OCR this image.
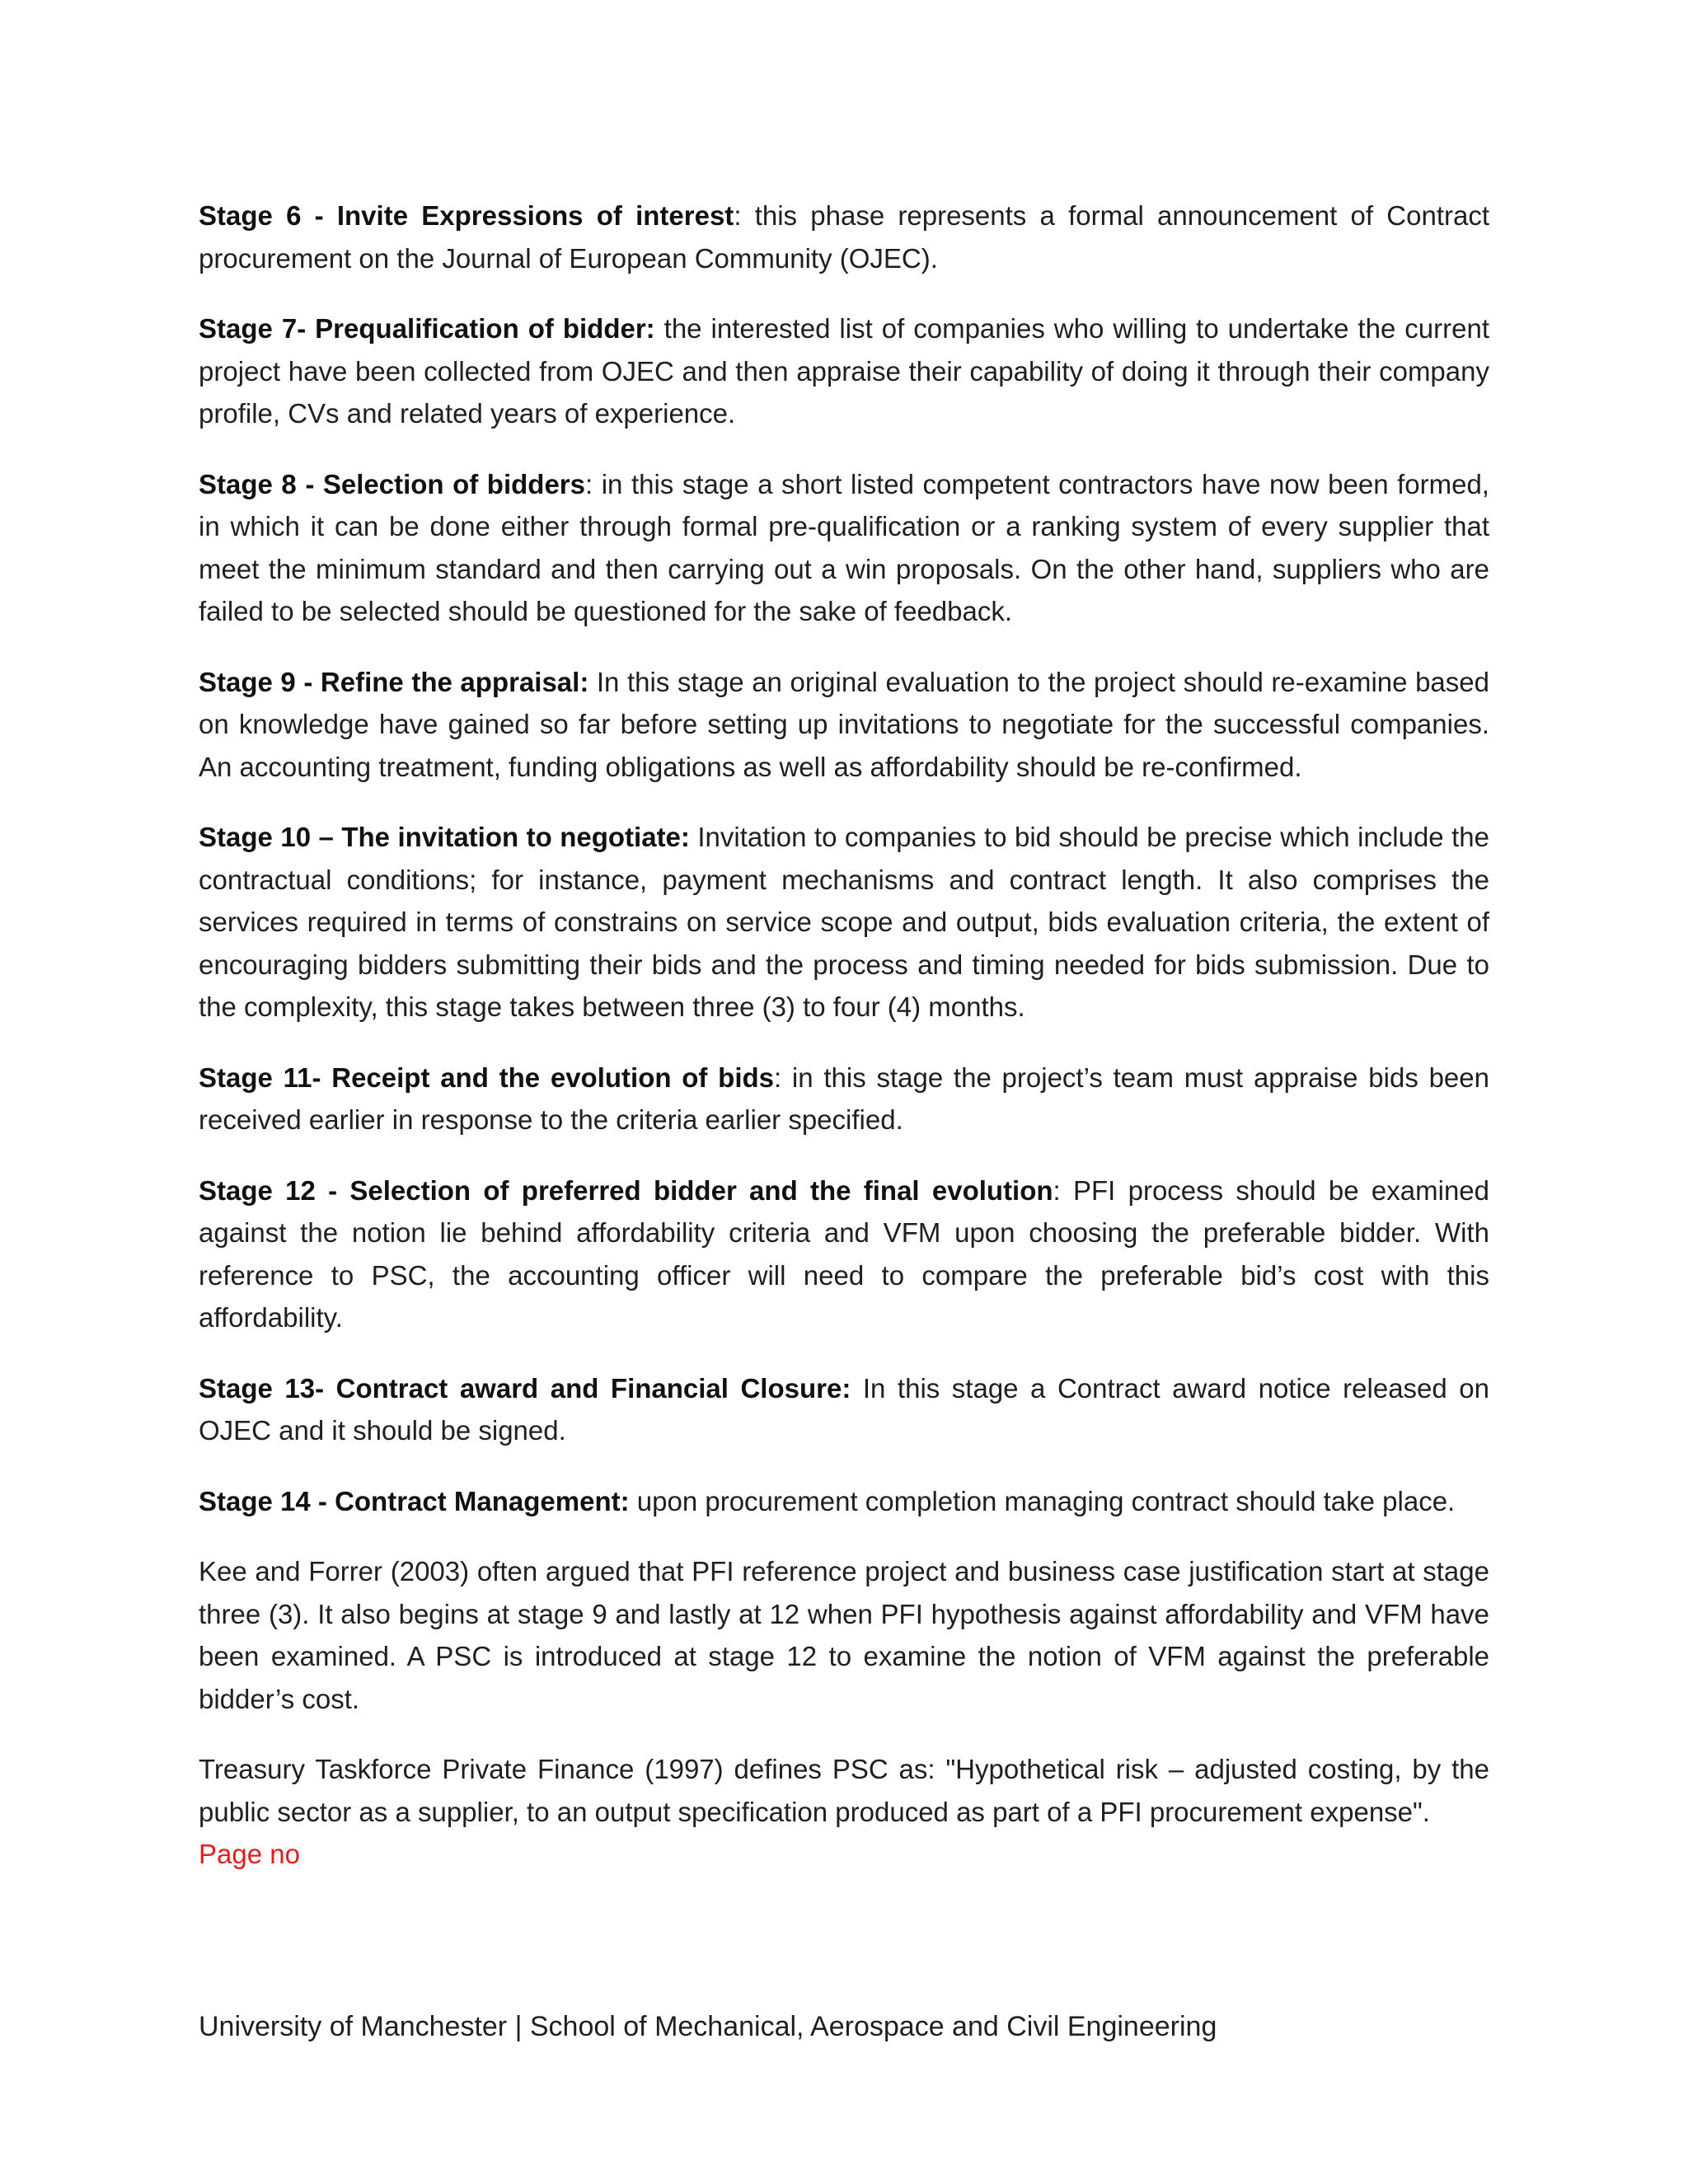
Stage 6 - Invite Expressions of interest: this phase represents a formal announcement of Contract procurement on the Journal of European Community (OJEC).

Stage 7- Prequalification of bidder: the interested list of companies who willing to undertake the current project have been collected from OJEC and then appraise their capability of doing it through their company profile, CVs and related years of experience.

Stage 8 - Selection of bidders: in this stage a short listed competent contractors have now been formed, in which it can be done either through formal pre-qualification or a ranking system of every supplier that meet the minimum standard and then carrying out a win proposals. On the other hand, suppliers who are failed to be selected should be questioned for the sake of feedback.

Stage 9 - Refine the appraisal: In this stage an original evaluation to the project should re-examine based on knowledge have gained so far before setting up invitations to negotiate for the successful companies. An accounting treatment, funding obligations as well as affordability should be re-confirmed.

Stage 10 – The invitation to negotiate: Invitation to companies to bid should be precise which include the contractual conditions; for instance, payment mechanisms and contract length. It also comprises the services required in terms of constrains on service scope and output, bids evaluation criteria, the extent of encouraging bidders submitting their bids and the process and timing needed for bids submission. Due to the complexity, this stage takes between three (3) to four (4) months.

Stage 11- Receipt and the evolution of bids: in this stage the project’s team must appraise bids been received earlier in response to the criteria earlier specified.

Stage 12 - Selection of preferred bidder and the final evolution: PFI process should be examined against the notion lie behind affordability criteria and VFM upon choosing the preferable bidder. With reference to PSC, the accounting officer will need to compare the preferable bid’s cost with this affordability.

Stage 13- Contract award and Financial Closure: In this stage a Contract award notice released on OJEC and it should be signed.

Stage 14 - Contract Management: upon procurement completion managing contract should take place.

Kee and Forrer (2003) often argued that PFI reference project and business case justification start at stage three (3). It also begins at stage 9 and lastly at 12 when PFI hypothesis against affordability and VFM have been examined. A PSC is introduced at stage 12 to examine the notion of VFM against the preferable bidder’s cost.

Treasury Taskforce Private Finance (1997) defines PSC as: "Hypothetical risk – adjusted costing, by the public sector as a supplier, to an output specification produced as part of a PFI procurement expense".
Page no

University of Manchester | School of Mechanical, Aerospace and Civil Engineering
